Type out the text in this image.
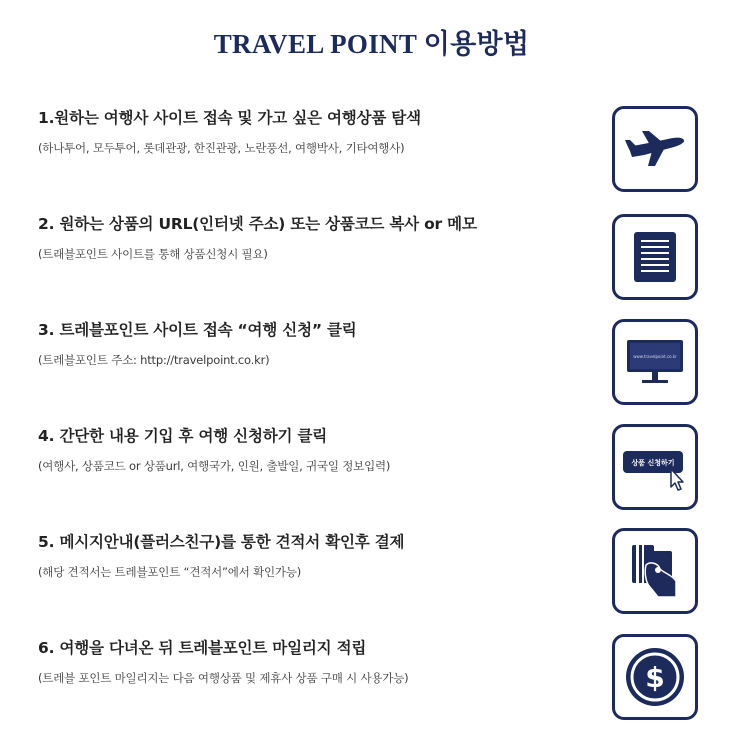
TRAVEL POINT 이용방법
1.원하는 여행사 사이트 접속 및 가고 싶은 여행상품 탐색
(하나투어, 모두투어, 롯데관광, 한진관광, 노란풍선, 여행박사, 기타여행사)
2. 원하는 상품의 URL(인터넷 주소) 또는 상품코드 복사 or 메모
(트래블포인트 사이트를 통해 상품신청시 필요)
3. 트레블포인트 사이트 접속 “여행 신청” 클릭
(트레블포인트 주소: http://travelpoint.co.kr)	www.travelpoint.co.kr
4. 간단한 내용 기입 후 여행 신청하기 클릭
(여행사, 상품코드 or 상품url, 여행국가, 인원, 출발일, 귀국일 정보입력)	상품 신청하기
5. 메시지안내(플러스친구)를 통한 견적서 확인후 결제
(해당 견적서는 트레블포인트 “견적서”에서 확인가능)
6. 여행을 다녀온 뒤 트레블포인트 마일리지 적립
(트레블 포인트 마일리지는 다음 여행상품 및 제휴사 상품 구매 시 사용가능)	$
